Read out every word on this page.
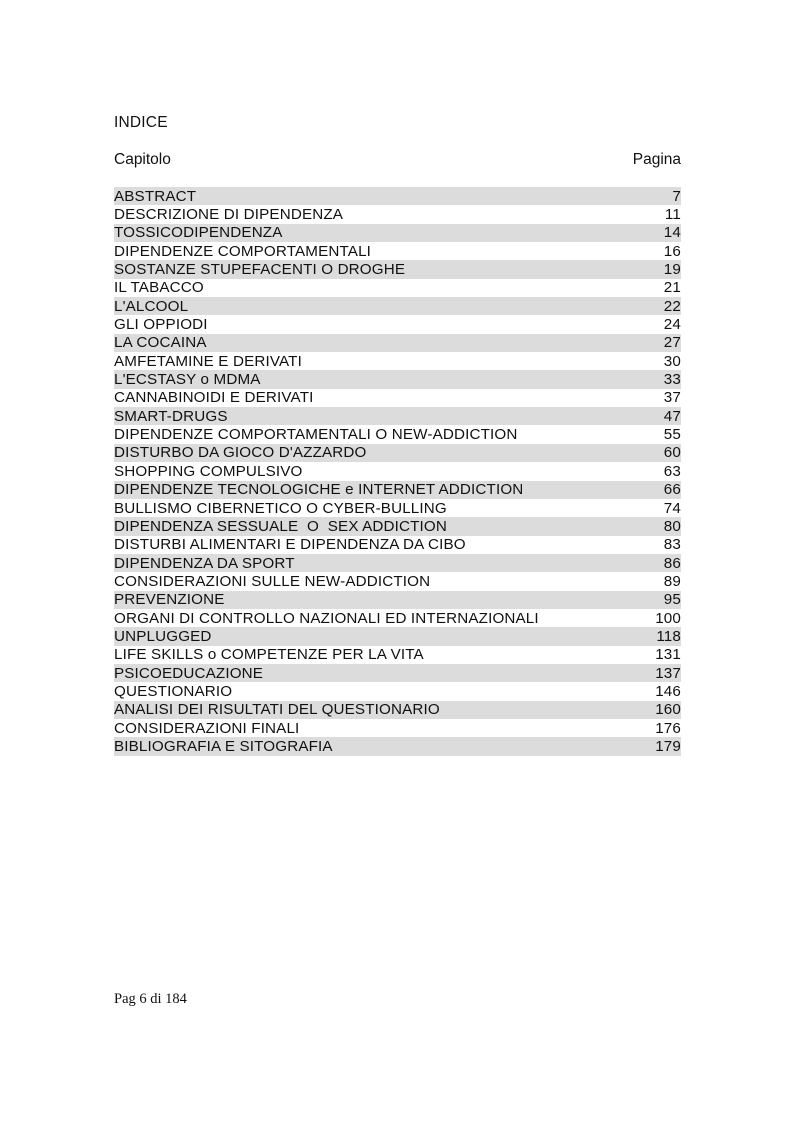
INDICE
Capitolo	Pagina
ABSTRACT	7
DESCRIZIONE DI DIPENDENZA	11
TOSSICODIPENDENZA	14
DIPENDENZE COMPORTAMENTALI	16
SOSTANZE STUPEFACENTI O DROGHE	19
IL TABACCO	21
L'ALCOOL	22
GLI OPPIODI	24
LA COCAINA	27
AMFETAMINE E DERIVATI	30
L'ECSTASY o MDMA	33
CANNABINOIDI E DERIVATI	37
SMART-DRUGS	47
DIPENDENZE COMPORTAMENTALI O NEW-ADDICTION	55
DISTURBO DA GIOCO D'AZZARDO	60
SHOPPING COMPULSIVO	63
DIPENDENZE TECNOLOGICHE e INTERNET ADDICTION	66
BULLISMO CIBERNETICO O CYBER-BULLING	74
DIPENDENZA SESSUALE  O  SEX ADDICTION	80
DISTURBI ALIMENTARI E DIPENDENZA DA CIBO	83
DIPENDENZA DA SPORT	86
CONSIDERAZIONI SULLE NEW-ADDICTION	89
PREVENZIONE	95
ORGANI DI CONTROLLO NAZIONALI ED INTERNAZIONALI	100
UNPLUGGED	118
LIFE SKILLS o COMPETENZE PER LA VITA	131
PSICOEDUCAZIONE	137
QUESTIONARIO	146
ANALISI DEI RISULTATI DEL QUESTIONARIO	160
CONSIDERAZIONI FINALI	176
BIBLIOGRAFIA E SITOGRAFIA	179
Pag 6 di 184
